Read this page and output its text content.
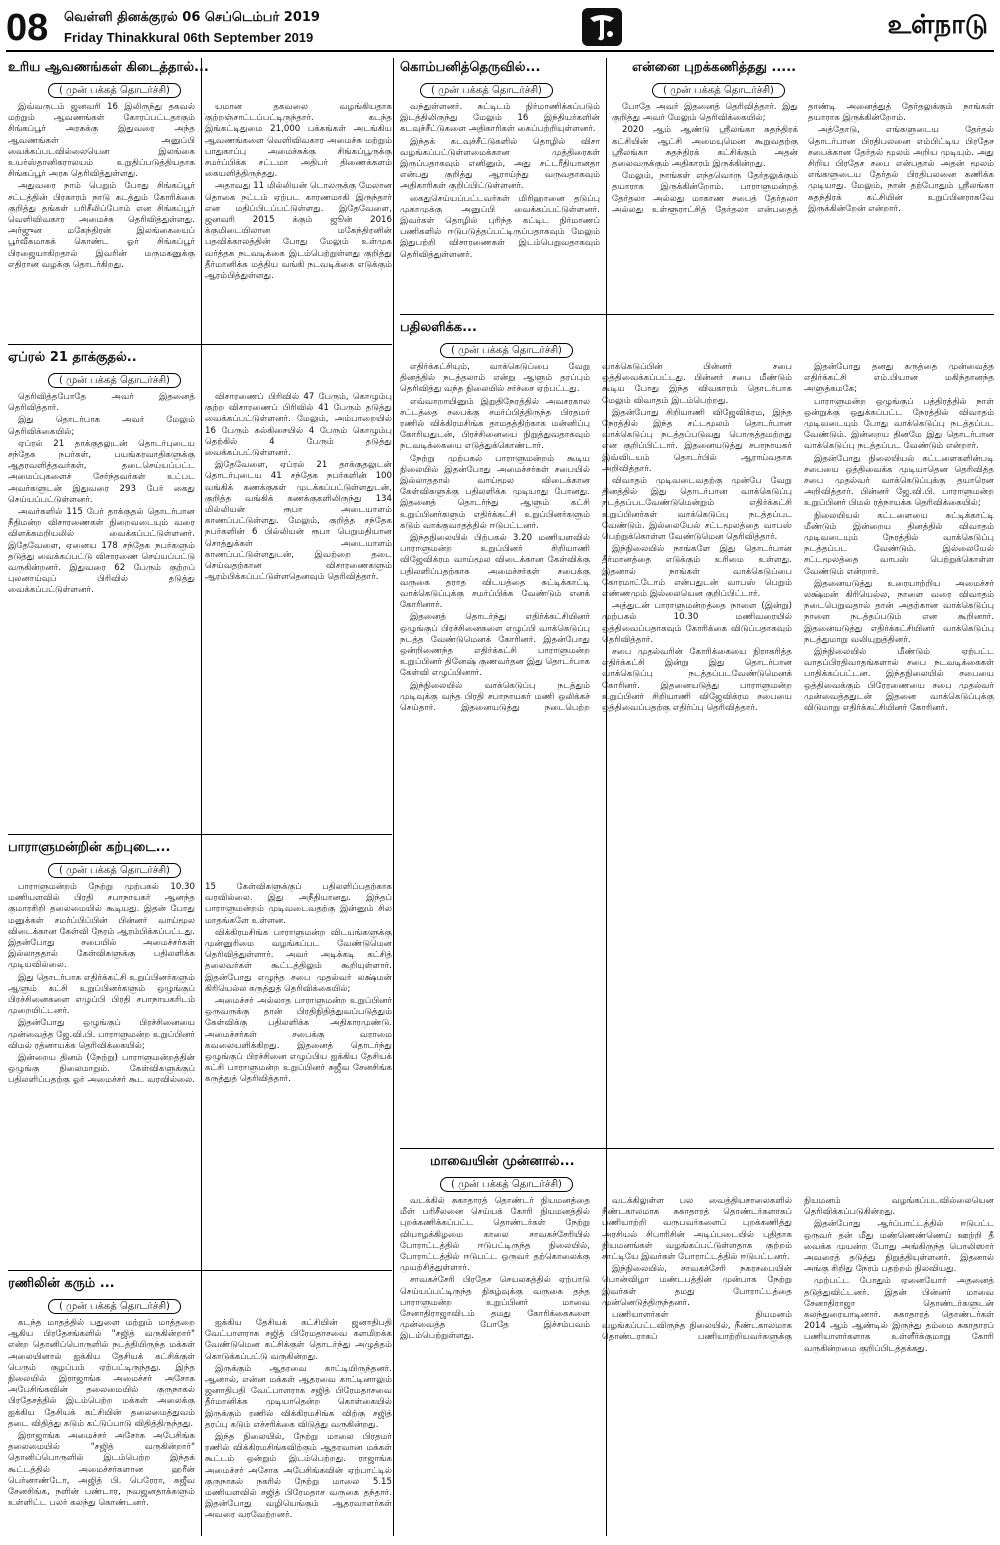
08 வெள்ளி தினக்குரல் 06 செப்டெம்பர் 2019
Friday Thinakkural 06th September 2019	உள்நாடு
உரிய ஆவணங்கள் கிடைத்தால்...
( முன் பக்கத் தொடர்ச்சி)

இவ்வருடம் ஜனவரி 16 இலிருந்து தகவல் மற்றும் ஆவணங்கள் கோரப்பட்டதாகும் சிங்கப்பூர் அரசுக்கு இதுவரை அந்த ஆவணங்கள் அனுப்பி வைக்கப்படவில்லையென இலங்கை உயர்ஸ்தானிகராலயம் உறுதிப்படுத்தியதாக சிங்கப்பூர் அரசு தெரிவித்துள்ளது.

அதுவரை நாம் பெறும் போது சிங்கப்பூர் சட்டத்தின் பிரகாரம் நாடு கடத்தும் கோரிக்கை குறித்து தங்கள் பரிசீலிப்போம் என சிங்கப்பூர் வெளிவிவகார அமைச்சு தெரிவித்துள்ளது. அர்ஜுன மகேந்திரன் இலங்கையைப் பூர்வீகமாகக் கொண்ட ஓர் சிங்கப்பூர் பிரஜையாகிறதால் இவரின் மருமகனுக்கு எதிரான வழக்கு தொடர்கிறது.

யமான தகவலை வழங்கியதாக குற்றஞ்சாட்டப்பட்டிருந்தார். கடந்த இங்கட்டிதுமை 21,000 பக்கங்கள் அடங்கிய ஆவணங்களை வெளிவிவகார அமைச்சு மற்றும் பாதுகாப்பு அமைச்சுக்கு சிங்கப்பூருக்கு சமர்ப்பிக்க சட்டமா அதிபர் திணைக்களம் கையளித்திருந்தது.

அதாவது 11 மில்லியன் டொலருக்கு மேலான தொகை நட்டம் ஏற்பட காரணமாகி இருந்தார் என மதிப்பிடப்பட்டுள்ளது. இதேவேளை, ஜனவரி 2015 க்கும் ஜூன் 2016 க்குமிடையிலான மகேந்திரனின் பதவிக்காலத்தின் போது மேலும் உள்முக வர்த்தக நடவடிக்கை இடம்பெற்றுள்ளது குறித்து தீர்மானிக்க மத்திய வங்கி நடவடிக்கை எடுக்கும் ஆரம்பித்துள்ளது.

ஏப்ரல் 21 தாக்குதல்..
( முன் பக்கத் தொடர்ச்சி)

தெரிவித்தபோதே அவர் இதனைத் தெரிவித்தார்.

இது தொடர்பாக அவர் மேலும் தெரிவிக்கையில்;

ஏப்ரல் 21 தாக்குதலுடன் தொடர்புடைய சந்தேக நபர்கள், பயங்கரவாதிகளுக்கு ஆதரவளித்தவர்கள், தடைசெய்யப்பட்ட அமைப்புகளைச் சேர்ந்தவர்கள் உட்பட அவர்களுடன் இதுவரை 293 பேர் கைது செய்யப்பட்டுள்ளனர்.

அவர்களில் 115 பேர் தாக்குதல் தொடர்பான நீதிமன்ற விசாரணைகள் நிறைவடையும் வரை விளக்கமறியலில் வைக்கப்பட்டுள்ளனர். இதேவேளை, ஏனைய 178 சந்தேக நபர்களும் தடுத்து வைக்கப்பட்டு விசாரணை செய்யப்பட்டு வருகின்றனர். இதுவரை 62 பேரும் குற்றப் புலனாய்வுப் பிரிவில் தடுத்து வைக்கப்பட்டுள்ளனர்.

விசாரணைப் பிரிவில் 47 பேரும், கொழும்பு குற்ற விசாரணைப் பிரிவில் 41 பேரும் தடுத்து வைக்கப்பட்டுள்ளனர். மேலும், அம்பாறையில் 16 பேரும் கல்கிசையில் 4 பேரும் கொழும்பு தெற்கில் 4 பேரும் தடுத்து வைக்கப்பட்டுள்ளனர்.

இதேவேளை, ஏப்ரல் 21 தாக்குதலுடன் தொடர்புடைய 41 சந்தேக நபர்களின் 100 வங்கிக் கணக்குகள் முடக்கப்பட்டுள்ளதுடன், குறித்த வங்கிக் கணக்குகளிலிருந்து 134 மில்லியன் ரூபா அடையாளம் காணப்பட்டுள்ளது. மேலும், குறித்த சந்தேக நபர்களின் 6 பில்லியன் ரூபா பெறுமதியான சொத்துக்கள் அடையாளம் காணப்பட்டுள்ளதுடன், இவற்றை தடை செய்வதற்கான விசாரணைகளும் ஆரம்பிக்கப்பட்டுள்ளதெனவும் தெரிவித்தார்.

பாராளுமன்றின் கற்புடை...
( முன் பக்கத் தொடர்ச்சி)

பாராளுமன்றம் நேற்று முற்பகல் 10.30 மணியளவில் பிரதி சபாநாயகர் ஆனந்த குமாரசிறி தலைமையில் கூடியது. இதன் போது மனுக்கள் சமர்ப்பிப்பின் பின்னர் வாய்மூல விடைக்கான கேள்வி நேரம் ஆரம்பிக்கப்பட்டது. இதன்போது சபையில் அமைச்சர்கள் இல்லாததால் கேள்விகளுக்கு பதிலளிக்க முடியவில்லை.

இது தொடர்பாக எதிர்க்கட்சி உறுப்பினர்களும் ஆளும் கட்சி உறுப்பினர்களும் ஒழுங்குப் பிரச்சினைகளை எழுப்பி பிரதி சபாநாயகரிடம் முறையிட்டனர்.

இதன்போது ஒழுங்குப் பிரச்சினையை முன்வைத்த ஜே.வி.பி. பாராளுமன்ற உறுப்பினர் விமல் ரத்னாயக்க தெரிவிக்கையில்;

இன்றைய தினம் (நேற்று) பாராளுமன்றத்தின் ஒழுங்கு நிலைமாறும். கேள்விகளுக்குப் பதிலளிப்பதற்கு ஓர் அமைச்சர் கூட வரவில்லை. 15 கேள்விகளுக்குப் பதிலளிப்பதற்காக வரவில்லை. இது அநீதியானது. இந்தப் பாராளுமன்றம் முடிவடைவதற்கு இன்னும் சில மாதங்களே உள்ளன.

விக்கிரமசிங்க பாராளுமன்ற விடயங்களுக்கு முன்னுரிமை வழங்கப்பட வேண்டுமென தெரிவித்துள்ளார். அவர் அடிக்கடி கட்சித் தலைவர்கள் கூட்டத்திலும் கூறியுள்ளார். இதன்போது எழுந்த சபை முதல்வர் லக்ஷ்மன் கிரியெல்ல கருத்துத் தெரிவிக்கையில்;

அமைச்சர் அல்லாத பாராளுமன்ற உறுப்பினர் ஒருவருக்கு தான் பிரதிநிதித்துவப்படுத்தும் கேள்விக்கு பதிலளிக்க அதிகாரமுண்டு. அமைச்சர்கள் சபைக்கு வராமை கவலையளிக்கிறது. இதனைத் தொடர்ந்து ஒழுங்குப் பிரச்சினை எழுப்பிய ஐக்கிய தேசியக் கட்சி பாராளுமன்ற உறுப்பினர் சுஜீவ சேனசிங்க கருத்துத் தெரிவித்தார்.

ரணிலின் கரும் ...
( முன் பக்கத் தொடர்ச்சி)

கடந்த மாதத்தில் பதுளை மற்றும் மாத்தறை ஆகிய பிரதேசங்களில் "சஜித் வருகின்றார்" என்ற தொனிப்பொருளில் நடத்தியிருந்த மக்கள் அலையினால் ஐக்கிய தேசியக் கட்சிக்குள் பெரும் குழப்பம் ஏற்பட்டிருந்தது. இந்த நிலையில் இராஜாங்க அமைச்சர் அசோக அபேசிங்கவின் தலைமையில் குருநாகல் பிரதேசத்தில் இடம்பெற்ற மக்கள் அலைக்கு ஐக்கிய தேசியக் கட்சியின் தலைமைத்துவம் தடை விதித்து கடும் கட்டுப்பாடு விதித்திருந்தது.

இராஜாங்க அமைச்சர் அசோக அபேசிங்க தலைமையில் "சஜித் வருகின்றார்" தொனிப்பொருளில் இடம்பெற்ற இந்தக் கூட்டத்தில் அமைச்சர்களான ஹரீன் பெர்னாண்டோ, அஜித் பி. பெரேரா, சுஜீவ சேனசிங்க, நளின் பண்டார, நவஜனதாக்களும் உள்ளிட்ட பலர் கலந்து கொண்டனர்.

ஐக்கிய தேசியக் கட்சியின் ஜனாதிபதி வேட்பாளராக சஜித் பிரேமதாசவை களமிறக்க வேண்டுமென கட்சிக்குள் தொடர்ந்து அழுத்தம் கொடுக்கப்பட்டு வருகின்றது.

இருக்கும் ஆதரவை காட்டியிருந்தனர். ஆனால், என்ன மக்கள் ஆதரவை காட்டினாலும் ஜனாதிபதி வேட்பாளராக சஜித் பிரேமதாசவை தீர்மானிக்க முடியாதென்ற கொள்கையில் இருக்கும் ரணில் விக்கிரமசிங்க விற்கு சஜித் தரப்பு கடும் எச்சரிக்கை விடுத்து வருகின்றது.

இந்த நிலையில், நேற்று மாலை பிரதமர் ரணில் விக்கிரமசிங்கவிற்கும் ஆதரவான மக்கள் கூட்டம் ஒன்றும் இடம்பெற்றது. ராஜாங்க அமைச்சர் அசோக அபேசிங்கவின் ஏற்பாட்டில் குருநாகல் நகரில் நேற்று மாலை 5.15 மணியளவில் சஜித் பிரேமதாச வருகை தந்தார். இதன்போது வழியெங்கும் ஆதரவாளர்கள் அவரை வரவேற்றனர்.

கொம்பனித்தெருவில்...
( முன் பக்கத் தொடர்ச்சி)

வந்துள்ளனர். சுட்டிடம் நிர்மாணிக்கப்படும் இடத்திலிருந்து மேலும் 16 இந்தியர்களின் கடவுச்சீட்டுகளை அதிகாரிகள் கைப்பற்றியுள்ளனர்.

இந்தக் கடவுச்சீட்டுகளில் தொழில் விசா வழங்கப்பட்டுள்ளமைக்கான முத்திரைகள் இருப்பதாகவும் எனினும், அது சட்டரீதியானதா என்பது குறித்து ஆராய்ந்து வருவதாகவும் அதிகாரிகள் குறிப்பிட்டுள்ளனர்.

கைதுசெய்யப்பட்டவர்கள் மிரிஹானை தடுப்பு முகாமுக்கு அனுப்பி வைக்கப்பட்டுள்ளனர். இவர்கள் தொழில் புரிந்த கட்டிட நிர்மாணப் பணிகளில் ஈடுபடுத்தப்பட்டிருப்பதாகவும் மேலும் இதுபற்றி விசாரணைகள் இடம்பெறுவதாகவும் தெரிவித்துள்ளனர்.

என்னை புறக்கணித்தது .....
( முன் பக்கத் தொடர்ச்சி)

போதே அவர் இதனைத் தெரிவித்தார். இது குறித்து அவர் மேலும் தெரிவிக்கையில்;

2020 ஆம் ஆண்டு ஸ்ரீலங்கா சுதந்திரக் கட்சியின் ஆட்சி அமையுமென கூறுவதற்கு ஸ்ரீலங்கா சுதந்திரக் கட்சிக்கும் அதன் தலைவருக்கும் அதிகாரம் இருக்கின்றது.

மேலும், நாங்கள் எந்தவொரு தேர்தலுக்கும் தயாராக இருக்கின்றோம். பாராளுமன்றத் தேர்தலா அல்லது மாகாண சபைத் தேர்தலா அல்லது உள்ளூராட்சித் தேர்தலா என்பதைத் தாண்டி அனைத்துத் தேர்தலுக்கும் நாங்கள் தயாராக இருக்கின்றோம்.

அத்தோடு, எங்களுடைய தேர்தல் தொடர்பான பிரதிபலனை எம்பிட்டிய பிரதேச சபைக்கான தேர்தல் மூலம் அறிய முடியும். அது சிறிய பிரதேச சபை என்பதால் அதன் மூலம் எங்களுடைய தேர்தல் பிரதிபலனை கணிக்க முடியாது. மேலும், நான் தற்போதும் ஸ்ரீலங்கா சுதந்திரக் கட்சியின் உறுப்பினராகவே இருக்கின்றேன் என்றார்.

பதிலளிக்க...
( முன் பக்கத் தொடர்ச்சி)

எதிர்க்கட்சியும், வாக்கெடுப்பை வேறு தினத்தில் நடத்தலாம் என்று ஆளும் தரப்பும் தெரிவித்து வந்த நிலையில் சர்ச்சை ஏற்பட்டது.

எவ்வாறாயினும் இறுதிநேரத்தில் அவசரகால சட்டத்தை சபைக்கு சமர்ப்பித்திருந்த பிரதமர் ரணில் விக்கிரமசிங்க தாமதத்திற்காக மன்னிப்பு கோரியதுடன், பிரச்சினையை நிறுத்துவதாகவும் நடவடிக்கையை எடுத்துக்கொண்டார்.

நேற்று முற்பகல் பாராளுமன்றம் கூடிய நிலையில் இதன்போது அமைச்சர்கள் சபையில் இல்லாததால் வாய்மூல விடைக்கான கேள்விகளுக்கு பதிலளிக்க முடியாது போனது. இதனைத் தொடர்ந்து ஆளும் கட்சி உறுப்பினர்களும் எதிர்க்கட்சி உறுப்பினர்களும் கடும் வாக்குவாதத்தில் ஈடுபட்டனர்.

இந்தநிலையில் பிற்பகல் 3.20 மணியளவில் பாராளுமன்ற உறுப்பினர் சிறியாணி விஜேவிக்ரம வாய்மூல விடைக்கான கேள்விக்கு பதிலளிப்பதற்காக அமைச்சர்கள் சபைக்கு வருகை தராத விடயத்தை சுட்டிக்காட்டி வாக்கெடுப்புக்கு சமர்ப்பிக்க வேண்டும் எனக் கோரினார்.

இதனைத் தொடர்ந்து எதிர்க்கட்சியினர் ஒழுங்குப் பிரச்சினைகளை எழுப்பி வாக்கெடுப்பு நடத்த வேண்டுமெனக் கோரினர். இதன்போது ஒன்றிணைந்த எதிர்க்கட்சி பாராளுமன்ற உறுப்பினர் தினேஷ் குணவர்தன இது தொடர்பாக கேள்வி எழுப்பினார்.

இந்நிலையில் வாக்கெடுப்பு நடத்தும் முடிவுக்கு வந்த பிரதி சபாநாயகர் மணி ஒலிக்கச் செய்தார். இதனையடுத்து நடைபெற்ற வாக்கெடுப்பின் பின்னர் சபை ஒத்திவைக்கப்பட்டது. பின்னர் சபை மீண்டும் கூடிய போது இந்த விவகாரம் தொடர்பாக மேலும் விவாதம் இடம்பெற்றது.

இதன்போது சிறியாணி விஜேவிக்ரம, இந்த நேரத்தில் இந்த சட்டமூலம் தொடர்பான வாக்கெடுப்பு நடத்தப்படுவது பொருத்தமற்றது என குறிப்பிட்டார். இதனையடுத்து சபாநாயகர் இவ்விடயம் தொடர்பில் ஆராய்வதாக அறிவித்தார்.

விவாதம் முடிவடைவதற்கு முன்பே வேறு தினத்தில் இது தொடர்பான வாக்கெடுப்பு நடத்தப்படவேண்டுமென்றும் எதிர்க்கட்சி உறுப்பினர்கள் வாக்கெடுப்பு நடத்தப்பட வேண்டும். இல்லையேல் சட்டமூலத்தை வாபஸ் பெற்றுக்கொள்ள வேண்டுமென தெரிவித்தார்.

இந்நிலையில் நாங்களே இது தொடர்பான தீர்மானத்தை எடுக்கும் உரிமை உள்ளது. இதனால் நாங்கள் வாக்கெடுப்பை கோரமாட்டோம் என்பதுடன் வாபஸ் பெறும் எண்ணமும் இல்லையென குறிப்பிட்டார்.

அத்துடன் பாராளுமன்றத்தை நாளை (இன்று) முற்பகல் 10.30 மணிவரையில் ஒத்திவைப்பதாகவும் கோரிக்கை விடுப்பதாகவும் தெரிவித்தார்.

சபை முதல்வரின் கோரிக்கையை நிராகரித்த எதிர்க்கட்சி இன்று இது தொடர்பான வாக்கெடுப்பு நடத்தப்படவேண்டுமெனக் கோரினர். இதனையடுத்து பாராளுமன்ற உறுப்பினர் சிறியாணி விஜேவிக்ரம சபையை ஒத்திவைப்பதற்கு எதிர்ப்பு தெரிவித்தார்.

இதன்போது தனது கருத்தை முன்வைத்த எதிர்க்கட்சி எம்.பியான மகிந்தானந்த அளுத்கமகே;

பாராளுமன்ற ஒழுங்குப் பத்திரத்தில் நாள் ஒன்றுக்கு ஒதுக்கப்பட்ட நேரத்தில் விவாதம் முடிவடையும் போது வாக்கெடுப்பு நடத்தப்பட வேண்டும். இன்றைய தினமே இது தொடர்பான வாக்கெடுப்பு நடத்தப்பட வேண்டும் என்றார்.

இதன்போது நிலையியல் கட்டளைகளின்படி சபையை ஒத்திவைக்க முடியாதென தெரிவித்த சபை முதல்வர் வாக்கெடுப்புக்கு தயாரென அறிவித்தார். பின்னர் ஜே.வி.பி. பாராளுமன்ற உறுப்பினர் பிமல் ரத்நாயக்க தெரிவிக்கையில்;

நிலையியல் கட்டளையை சுட்டிக்காட்டி மீண்டும் இன்றைய தினத்தில் விவாதம் முடிவடையும் நேரத்தில் வாக்கெடுப்பு நடத்தப்பட வேண்டும். இல்லையேல் சட்டமூலத்தை வாபஸ் பெற்றுக்கொள்ள வேண்டும் என்றார்.

இதனையடுத்து உரையாற்றிய அமைச்சர் லக்ஷ்மன் கிரியெல்ல, நாளை வரை விவாதம் நடைபெறுவதால் தான் அதற்கான வாக்கெடுப்பு நாளை நடத்தப்படும் என கூறினார். இதனையடுத்து எதிர்க்கட்சியினர் வாக்கெடுப்பு நடத்துமாறு வலியுறுத்தினர்.

இந்நிலையில் மீண்டும் ஏற்பட்ட வாதப்பிரதிவாதங்களால் சபை நடவடிக்கைகள் பாதிக்கப்பட்டன. இந்தநிலையில் சபையை ஒத்திவைக்கும் பிரேரணையை சபை முதல்வர் முன்வைத்ததுடன் இதனை வாக்கெடுப்புக்கு விடுமாறு எதிர்க்கட்சியினர் கோரினர்.

மாவையின் முன்னால்...
( முன் பக்கத் தொடர்ச்சி)

வடக்கில் சுகாதாரத் தொண்டர் நியமனத்தை மீள் பரிசீலனை செய்யக் கோரி நியமனத்தில் புறக்கணிக்கப்பட்ட தொண்டர்கள் நேற்று வியாழக்கிழமை காலை சாவகச்சேரியில் போராட்டத்தில் ஈடுபட்டிருந்த நிலையில், போராட்டத்தில் ஈடுபட்ட ஒருவர் தற்கொலைக்கு முயற்சித்துள்ளார்.

சாவகச்சேரி பிரதேச செயலகத்தில் ஏற்பாடு செய்யப்பட்டிருந்த நிகழ்வுக்கு வருகை தந்த பாராளுமன்ற உறுப்பினர் மாவை சேனாதிராஜாவிடம் தமது கோரிக்கைகளை முன்வைத்த போதே இச்சம்பவம் இடம்பெற்றுள்ளது.

வடக்கிலுள்ள பல வைத்தியசாலைகளில் நீண்டகாலமாக சுகாதாரத் தொண்டர்களாகப் பணியாற்றி வருபவர்களைப் புறக்கணித்து அரசியல் சிபாரிசின் அடிப்படையில் புதிதாக நியமனங்கள் வழங்கப்பட்டுள்ளதாக குற்றம் சாட்டியே இவர்கள் போராட்டத்தில் ஈடுபட்டனர்.

இந்நிலையில், சாவகச்சேரி நகரசபையின் பொன்விழா மண்டபத்தின் முன்பாக நேற்று இவர்கள் தமது போராட்டத்தை முன்னெடுத்திருந்தனர்.

பணியாளர்கள் நியமனம் வழங்கப்பட்டவிருந்த நிலையில், நீண்டகாலமாக தொண்டராகப் பணியாற்றியவர்களுக்கு நியமனம் வழங்கப்படவில்லையென தெரிவிக்கப்படுகின்றது.

இதன்போது ஆர்ப்பாட்டத்தில் ஈடுபட்ட ஒருவர் தன் மீது மண்ணெண்ணெய் ஊற்றி தீ வைக்க முயன்ற போது அங்கிருந்த பொலிஸார் அவரைத் தடுத்து நிறுத்தியுள்ளனர். இதனால் அங்கு சிறிது நேரம் பதற்றம் நிலவியது.

முற்பட்ட போதும் ஏனையோர் அதனைத் தடுத்துவிட்டனர். இதன் பின்னர் மாவை சேனாதிராஜா தொண்டர்களுடன் கலந்துரையாடினார். சுகாதாரத் தொண்டர்கள் 2014 ஆம் ஆண்டில் இருந்து தம்மை சுகாதாரப் பணியாளர்களாக உள்ளீர்க்குமாறு கோரி வருகின்றமை குறிப்பிடத்தக்கது.
